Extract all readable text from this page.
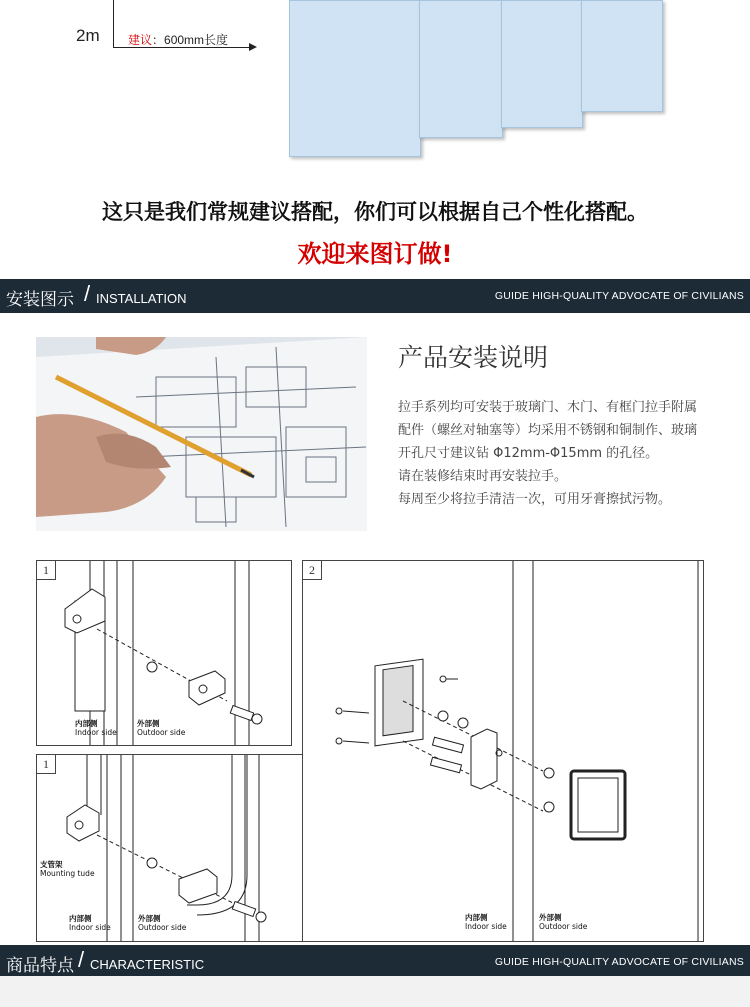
2m 建议：600mm长度
这只是我们常规建议搭配，你们可以根据自己个性化搭配。
欢迎来图订做!
安装图示 / INSTALLATION	GUIDE HIGH-QUALITY ADVOCATE OF CIVILIANS
产品安装说明

拉手系列均可安装于玻璃门、木门、有框门拉手附属配件（螺丝对轴塞等）均采用不锈钢和铜制作、玻璃开孔尺寸建议钻 Φ12mm-Φ15mm 的孔径。

请在装修结束时再安装拉手。

每周至少将拉手清洁一次，可用牙膏擦拭污物。

1
内部侧
Indoor side
外部侧
Outdoor side
1
支管架
Mounting tude
内部侧
Indoor side
外部侧
Outdoor side
2
内部侧
Indoor side
外部侧
Outdoor side
商品特点 / CHARACTERISTIC	GUIDE HIGH-QUALITY ADVOCATE OF CIVILIANS
